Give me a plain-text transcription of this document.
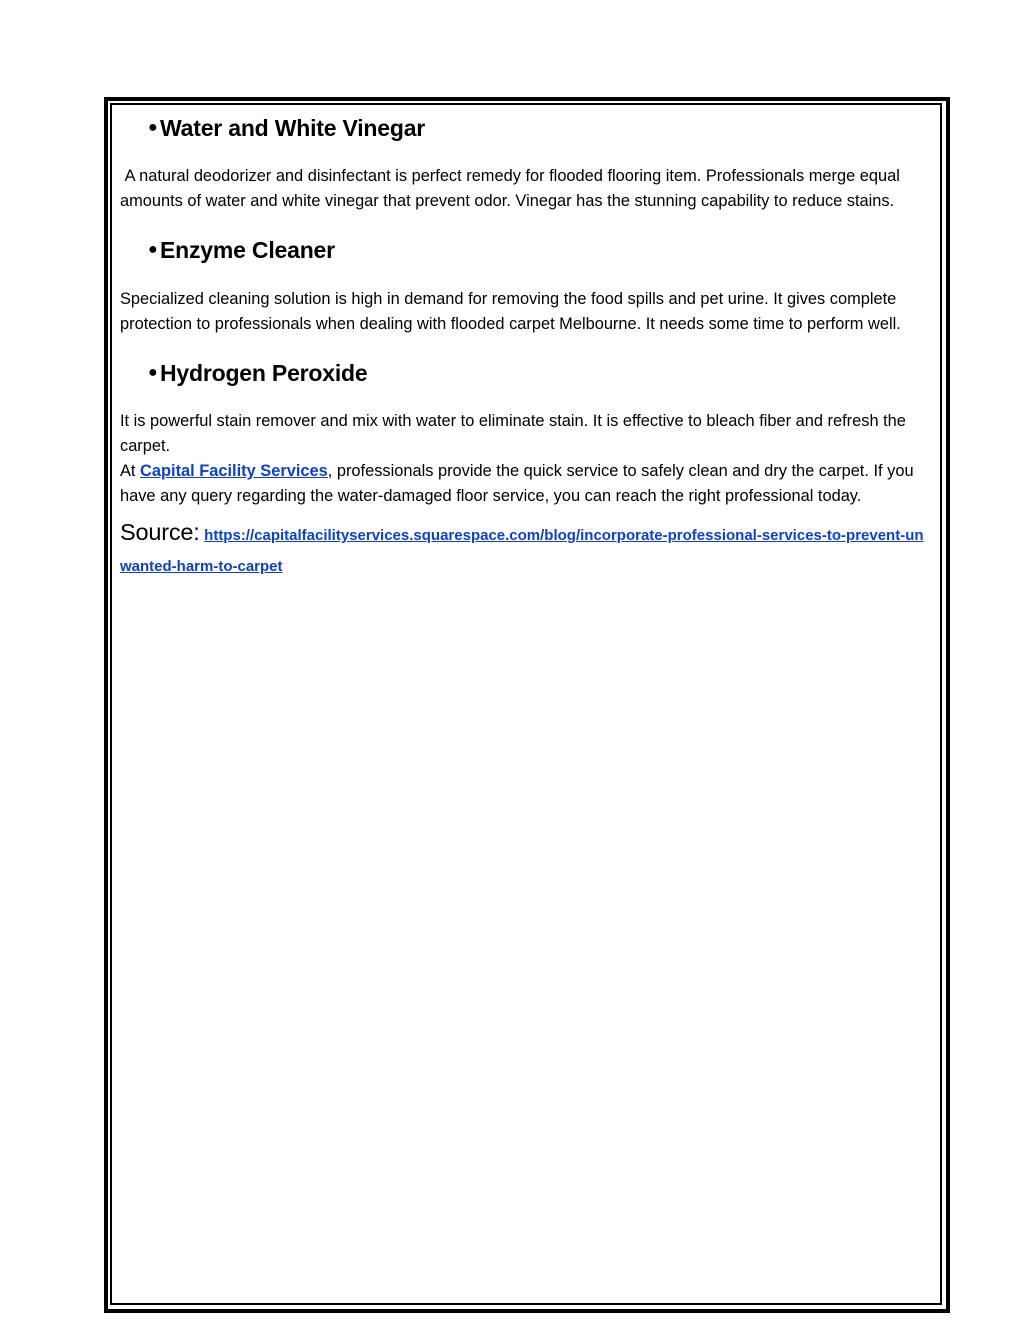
● Water and White Vinegar

A natural deodorizer and disinfectant is perfect remedy for flooded flooring item. Professionals merge equal amounts of water and white vinegar that prevent odor. Vinegar has the stunning capability to reduce stains.

● Enzyme Cleaner

Specialized cleaning solution is high in demand for removing the food spills and pet urine. It gives complete protection to professionals when dealing with flooded carpet Melbourne. It needs some time to perform well.

● Hydrogen Peroxide

It is powerful stain remover and mix with water to eliminate stain. It is effective to bleach fiber and refresh the carpet.

At Capital Facility Services, professionals provide the quick service to safely clean and dry the carpet. If you have any query regarding the water-damaged floor service, you can reach the right professional today.

Source: https://capitalfacilityservices.squarespace.com/blog/incorporate-professional-services-to-prevent-unwanted-harm-to-carpet
